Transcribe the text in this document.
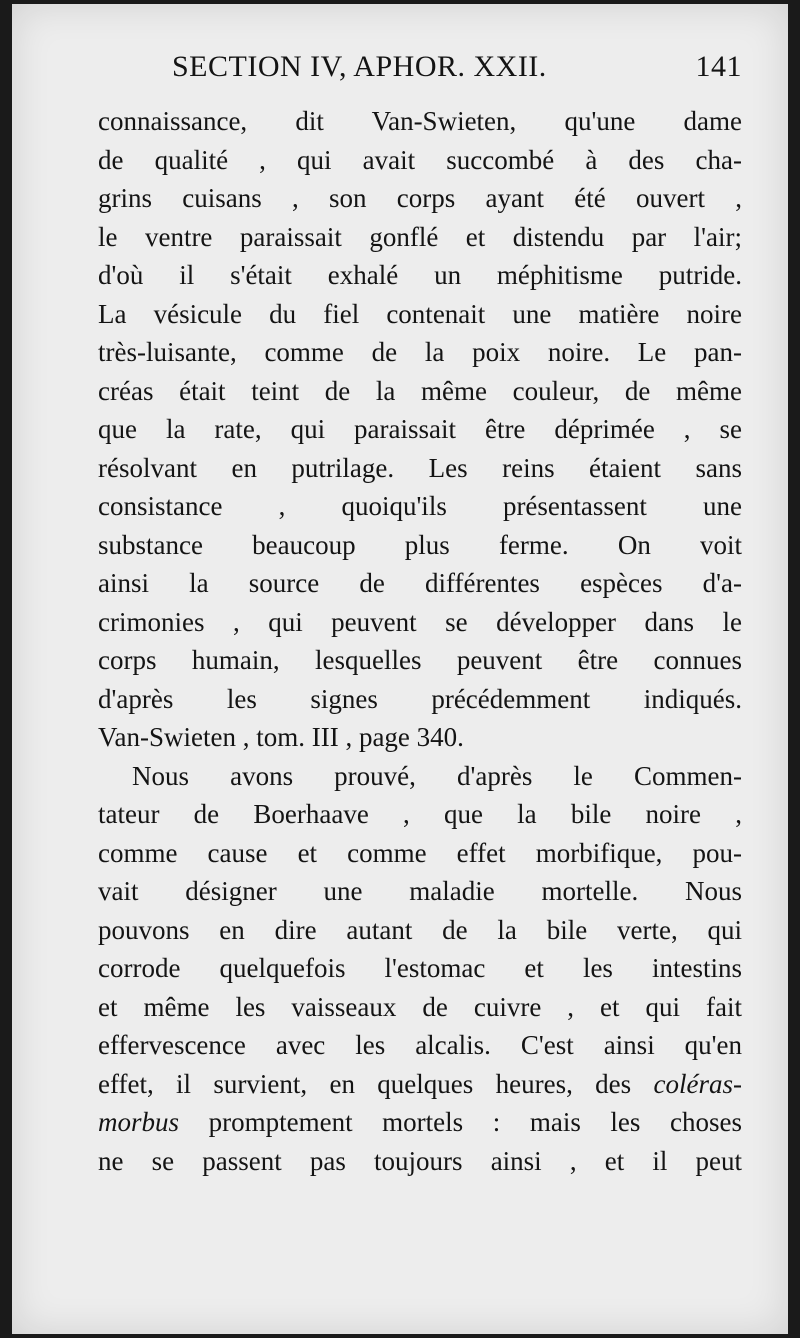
SECTION IV, APHOR. XXII.	141
connaissance, dit Van-Swieten, qu'une dame
de qualité , qui avait succombé à des cha-
grins cuisans , son corps ayant été ouvert ,
le ventre paraissait gonflé et distendu par l'air;
d'où il s'était exhalé un méphitisme putride.
La vésicule du fiel contenait une matière noire
très-luisante, comme de la poix noire. Le pan-
créas était teint de la même couleur, de même
que la rate, qui paraissait être déprimée , se
résolvant en putrilage. Les reins étaient sans
consistance , quoiqu'ils présentassent une
substance beaucoup plus ferme. On voit
ainsi la source de différentes espèces d'a-
crimonies , qui peuvent se développer dans le
corps humain, lesquelles peuvent être connues
d'après les signes précédemment indiqués.
Van-Swieten , tom. III , page 340.
Nous avons prouvé, d'après le Commen-
tateur de Boerhaave , que la bile noire ,
comme cause et comme effet morbifique, pou-
vait désigner une maladie mortelle. Nous
pouvons en dire autant de la bile verte, qui
corrode quelquefois l'estomac et les intestins
et même les vaisseaux de cuivre , et qui fait
effervescence avec les alcalis. C'est ainsi qu'en
effet, il survient, en quelques heures, des coléras-
morbus promptement mortels : mais les choses
ne se passent pas toujours ainsi , et il peut
